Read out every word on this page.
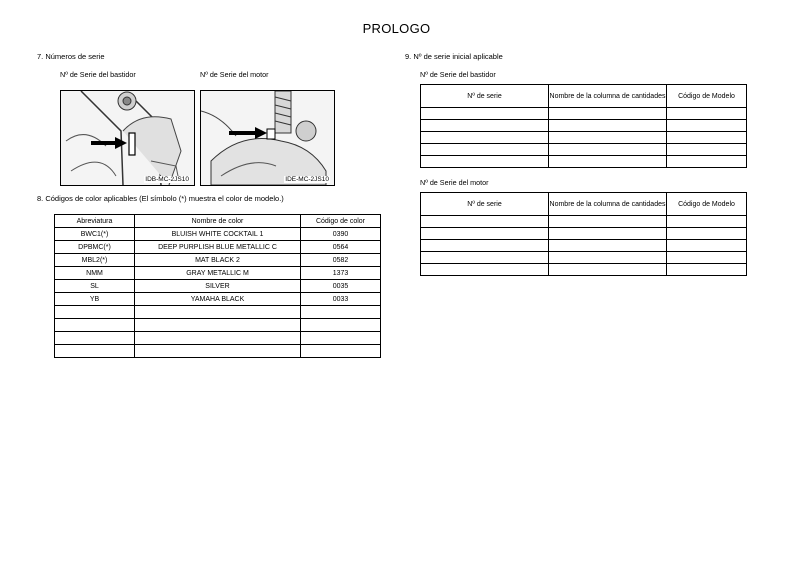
PROLOGO
7. Números de serie
Nº de Serie del bastidor	Nº de Serie del motor
IDB-MC-2JS10	IDE-MC-2JS10
8. Códigos de color aplicables (El símbolo (*) muestra el color de modelo.)
Abreviatura	Nombre de color	Código de color
BWC1(*)	BLUISH WHITE COCKTAIL 1	0390
DPBMC(*)	DEEP PURPLISH BLUE METALLIC C	0564
MBL2(*)	MAT BLACK 2	0582
NMM	GRAY METALLIC M	1373
SL	SILVER	0035
YB	YAMAHA BLACK	0033

9. Nº de serie inicial aplicable
Nº de Serie del bastidor
Nº de serie	Nombre de la columna de cantidades	Código de Modelo

Nº de Serie del motor
Nº de serie	Nombre de la columna de cantidades	Código de Modelo
